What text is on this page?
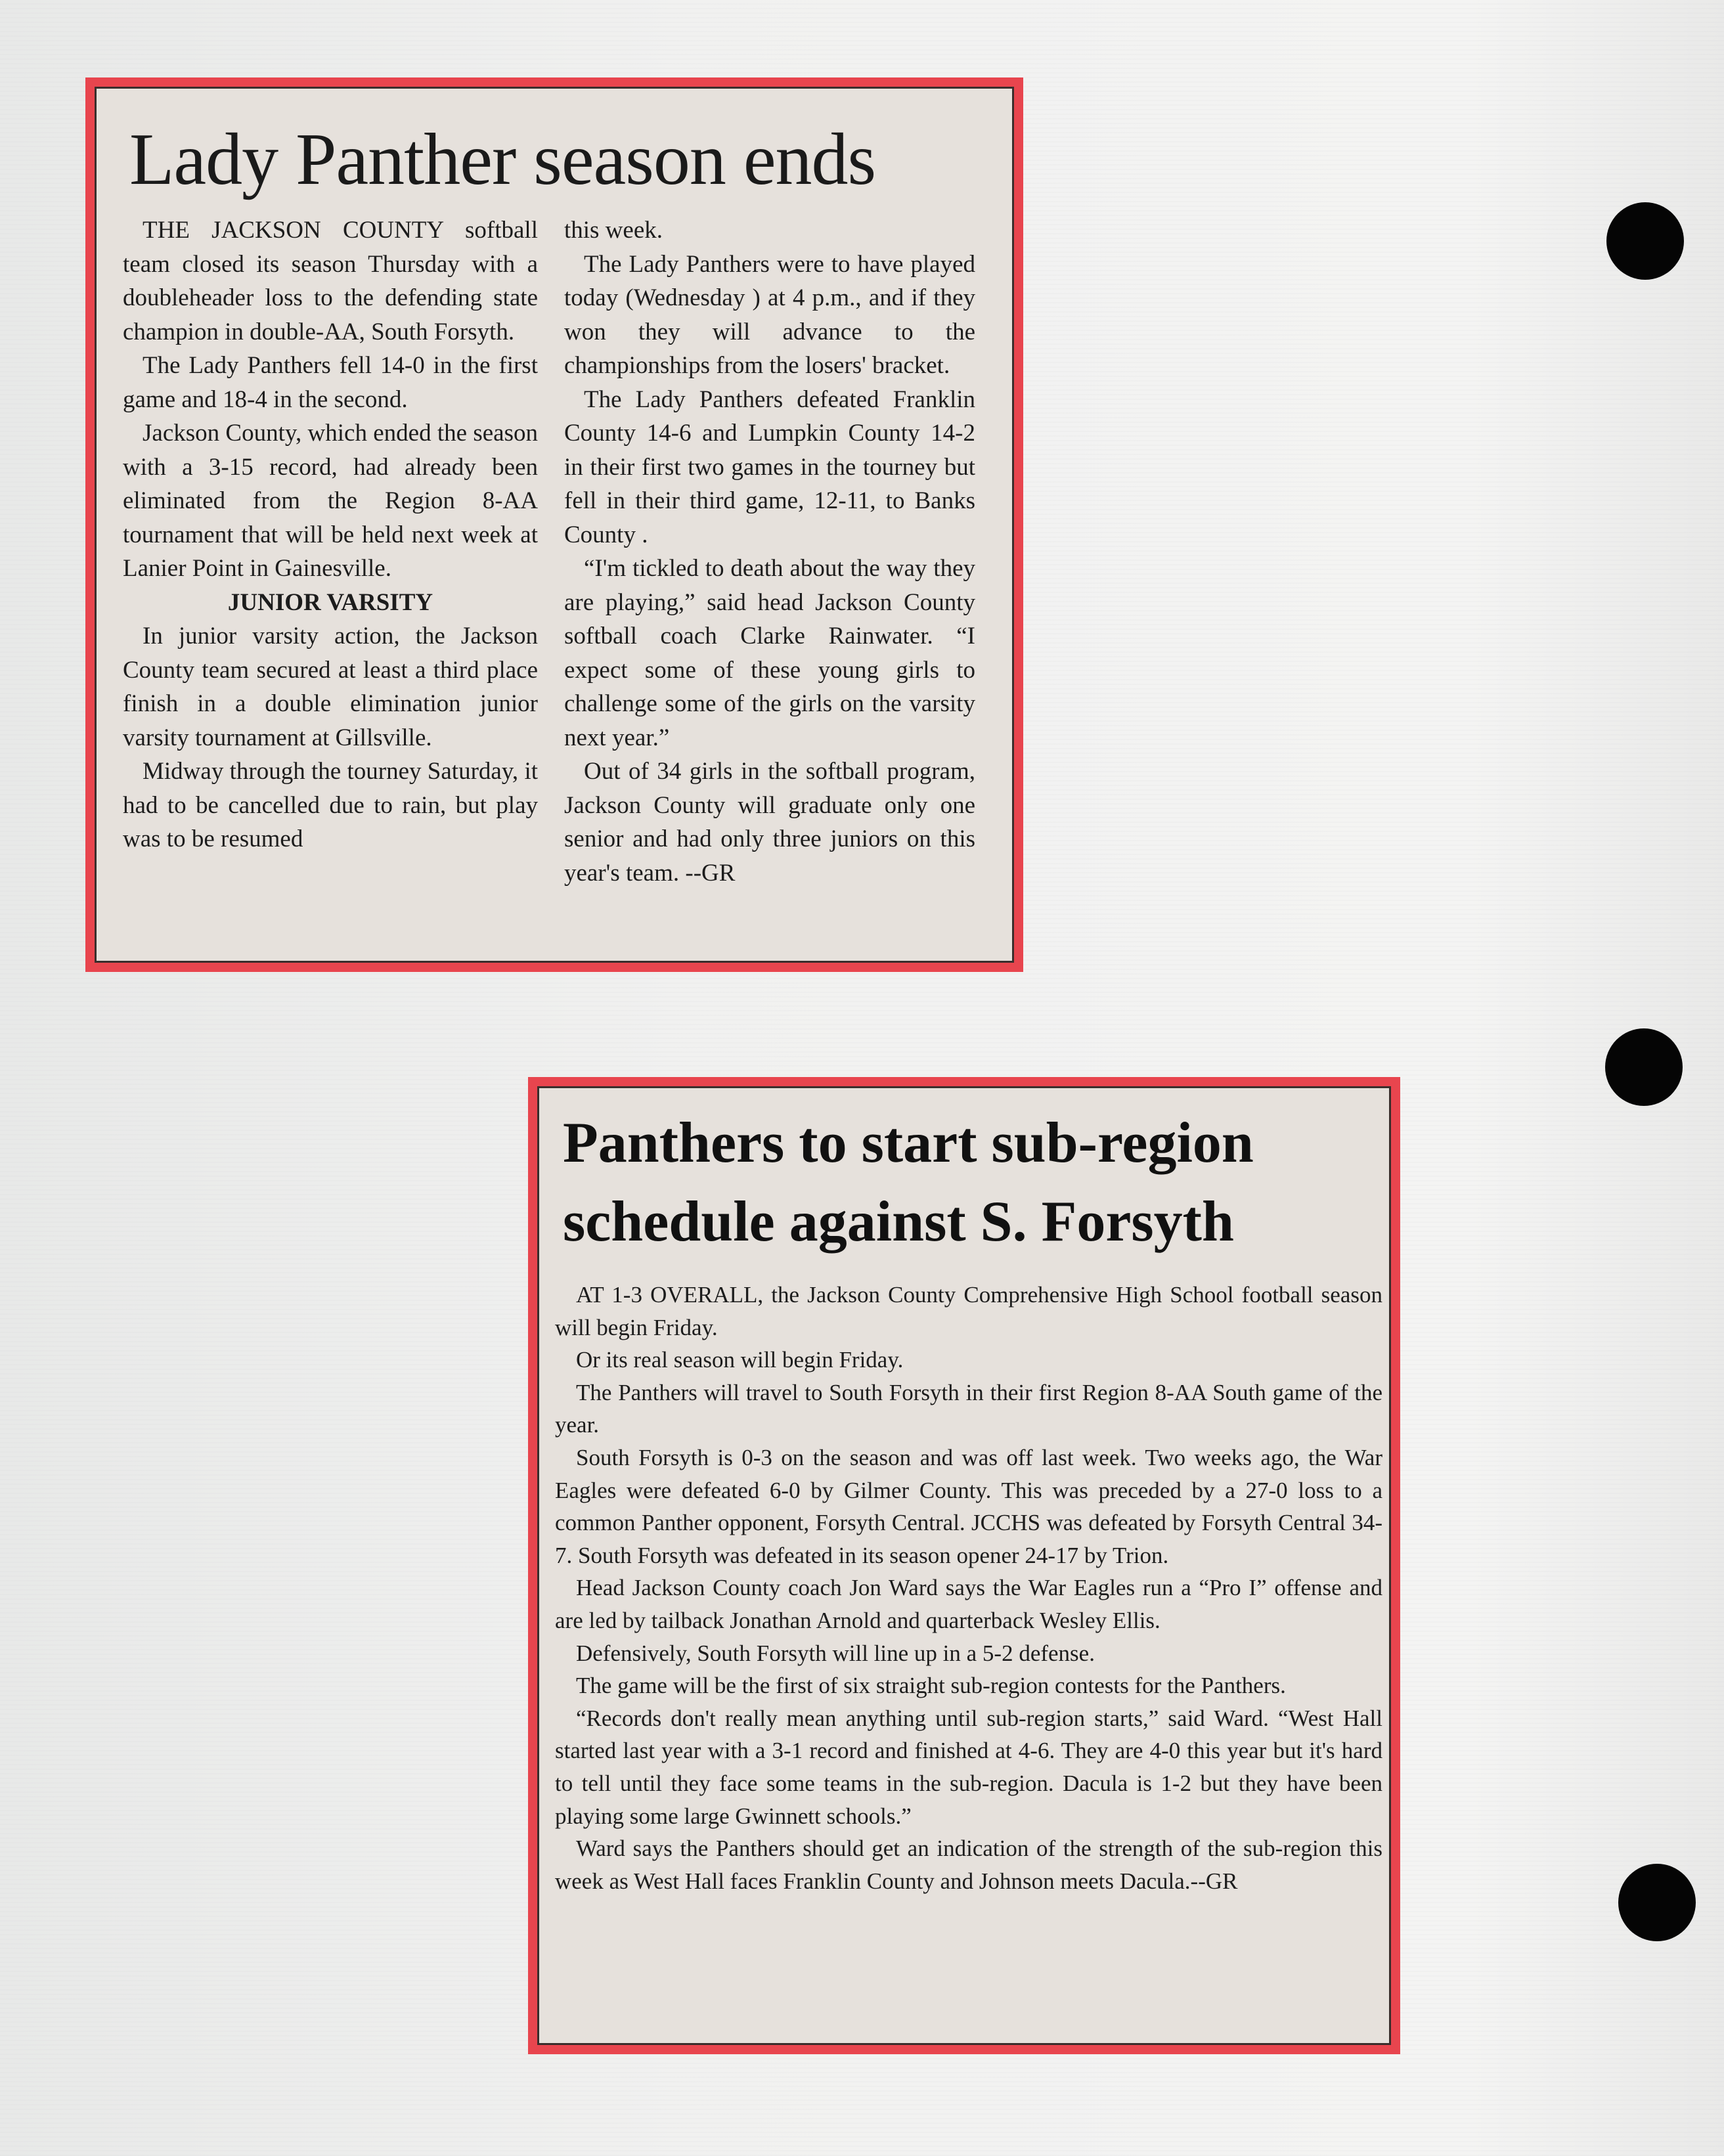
Lady Panther season ends

THE JACKSON COUNTY softball team closed its season Thursday with a doubleheader loss to the defending state champion in double-AA, South Forsyth.

The Lady Panthers fell 14-0 in the first game and 18-4 in the second.

Jackson County, which ended the season with a 3-15 record, had already been eliminated from the Region 8-AA tournament that will be held next week at Lanier Point in Gainesville.

JUNIOR VARSITY

In junior varsity action, the Jackson County team secured at least a third place finish in a double elimination junior varsity tournament at Gillsville.

Midway through the tourney Saturday, it had to be cancelled due to rain, but play was to be resumed

this week.

The Lady Panthers were to have played today (Wednesday ) at 4 p.m., and if they won they will advance to the championships from the losers' bracket.

The Lady Panthers defeated Franklin County 14-6 and Lumpkin County 14-2 in their first two games in the tourney but fell in their third game, 12-11, to Banks County .

“I'm tickled to death about the way they are playing,” said head Jackson County softball coach Clarke Rainwater. “I expect some of these young girls to challenge some of the girls on the varsity next year.”

Out of 34 girls in the softball program, Jackson County will graduate only one senior and had only three juniors on this year's team. --GR

Panthers to start sub-region schedule against S. Forsyth

AT 1-3 OVERALL, the Jackson County Comprehensive High School football season will begin Friday.

Or its real season will begin Friday.

The Panthers will travel to South Forsyth in their first Region 8-AA South game of the year.

South Forsyth is 0-3 on the season and was off last week. Two weeks ago, the War Eagles were defeated 6-0 by Gilmer County. This was preceded by a 27-0 loss to a common Panther opponent, Forsyth Central. JCCHS was defeated by Forsyth Central 34-7. South Forsyth was defeated in its season opener 24-17 by Trion.

Head Jackson County coach Jon Ward says the War Eagles run a “Pro I” offense and are led by tailback Jonathan Arnold and quarterback Wesley Ellis.

Defensively, South Forsyth will line up in a 5-2 defense.

The game will be the first of six straight sub-region contests for the Panthers.

“Records don't really mean anything until sub-region starts,” said Ward. “West Hall started last year with a 3-1 record and finished at 4-6. They are 4-0 this year but it's hard to tell until they face some teams in the sub-region. Dacula is 1-2 but they have been playing some large Gwinnett schools.”

Ward says the Panthers should get an indication of the strength of the sub-region this week as West Hall faces Franklin County and Johnson meets Dacula.--GR
